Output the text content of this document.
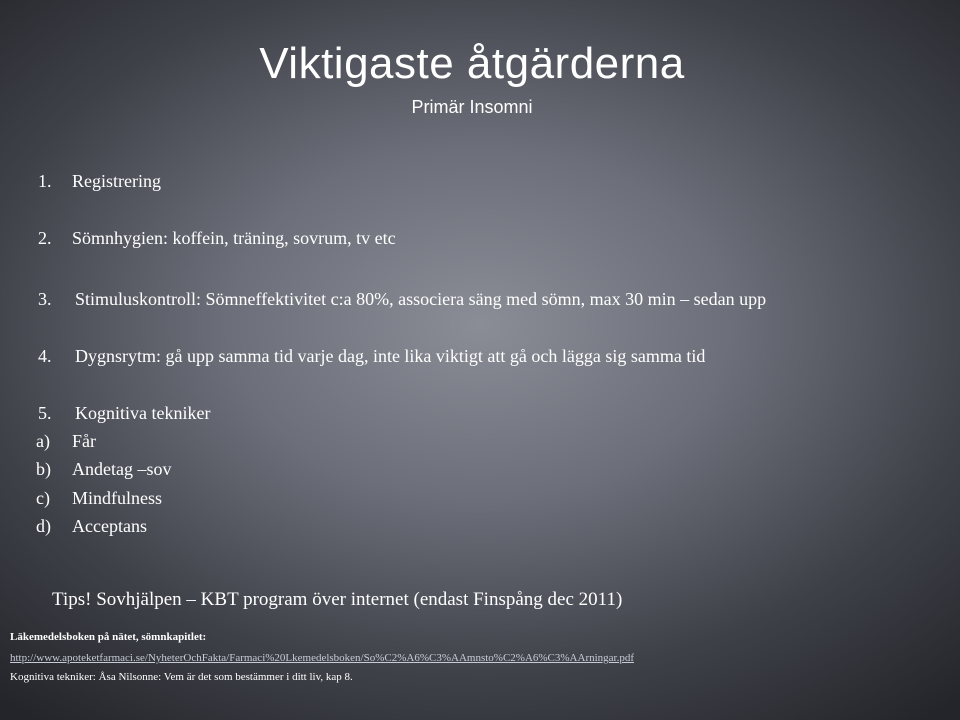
Viktigaste åtgärderna
Primär Insomni
1. Registrering
2. Sömnhygien: koffein, träning, sovrum, tv etc
3. Stimuluskontroll: Sömneffektivitet c:a 80%, associera säng med sömn, max 30 min – sedan upp
4. Dygnsrytm: gå upp samma tid varje dag, inte lika viktigt att gå och lägga sig samma tid
5. Kognitiva tekniker
a) Får
b) Andetag –sov
c) Mindfulness
d) Acceptans
Tips! Sovhjälpen – KBT program över internet (endast Finspång dec 2011)
Läkemedelsboken på nätet, sömnkapitlet:
http://www.apoteketfarmaci.se/NyheterOchFakta/Farmaci%20Lkemedelsboken/So%C2%A6%C3%AAmnsto%C2%A6%C3%AArningar.pdf
Kognitiva tekniker: Åsa Nilsonne: Vem är det som bestämmer i ditt liv, kap 8.
